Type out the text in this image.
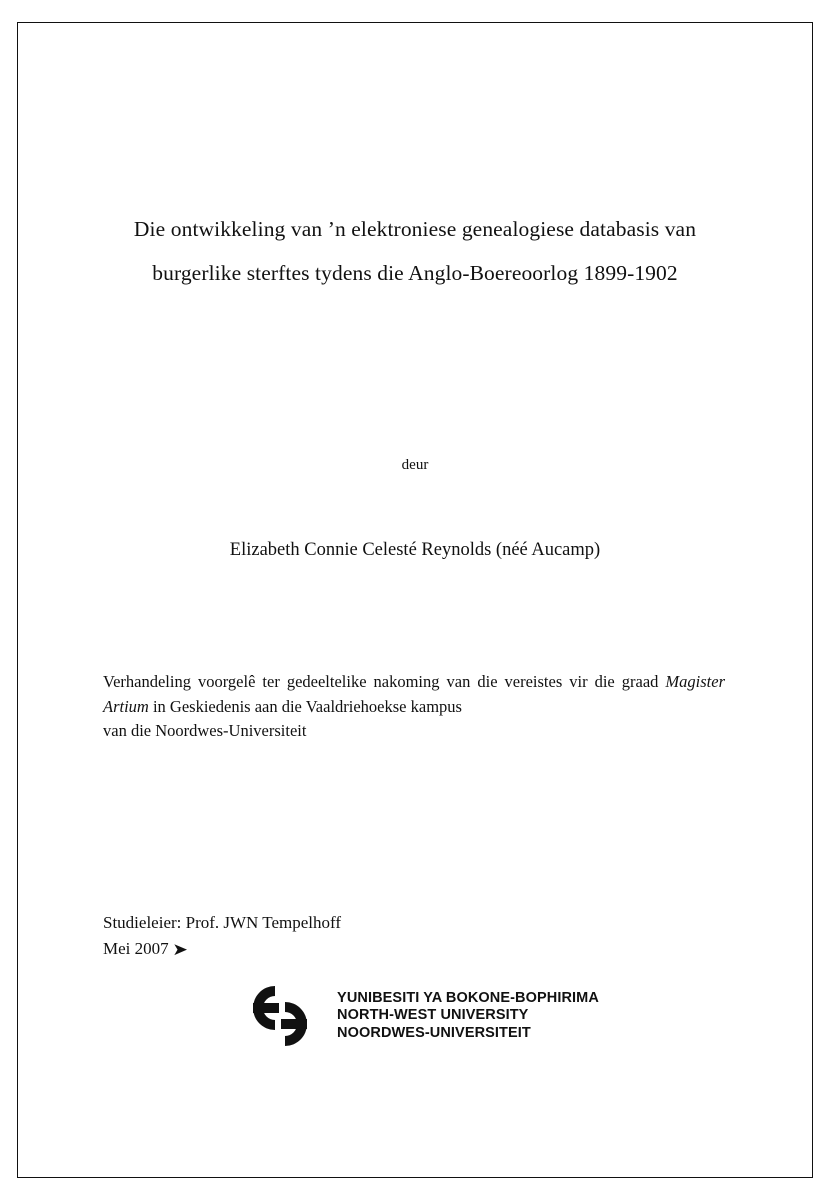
Die ontwikkeling van ’n elektroniese genealogiese databasis van
burgerlike sterftes tydens die Anglo-Boereoorlog 1899-1902
deur
Elizabeth Connie Celesté Reynolds (néé Aucamp)
Verhandeling voorgelê ter gedeeltelike nakoming van die vereistes vir die graad Magister Artium in Geskiedenis aan die Vaaldriehoekse kampus
van die Noordwes-Universiteit
Studieleier: Prof. JWN Tempelhoff
Mei 2007 ➤
YUNIBESITI YA BOKONE-BOPHIRIMA
NORTH-WEST UNIVERSITY
NOORDWES-UNIVERSITEIT
